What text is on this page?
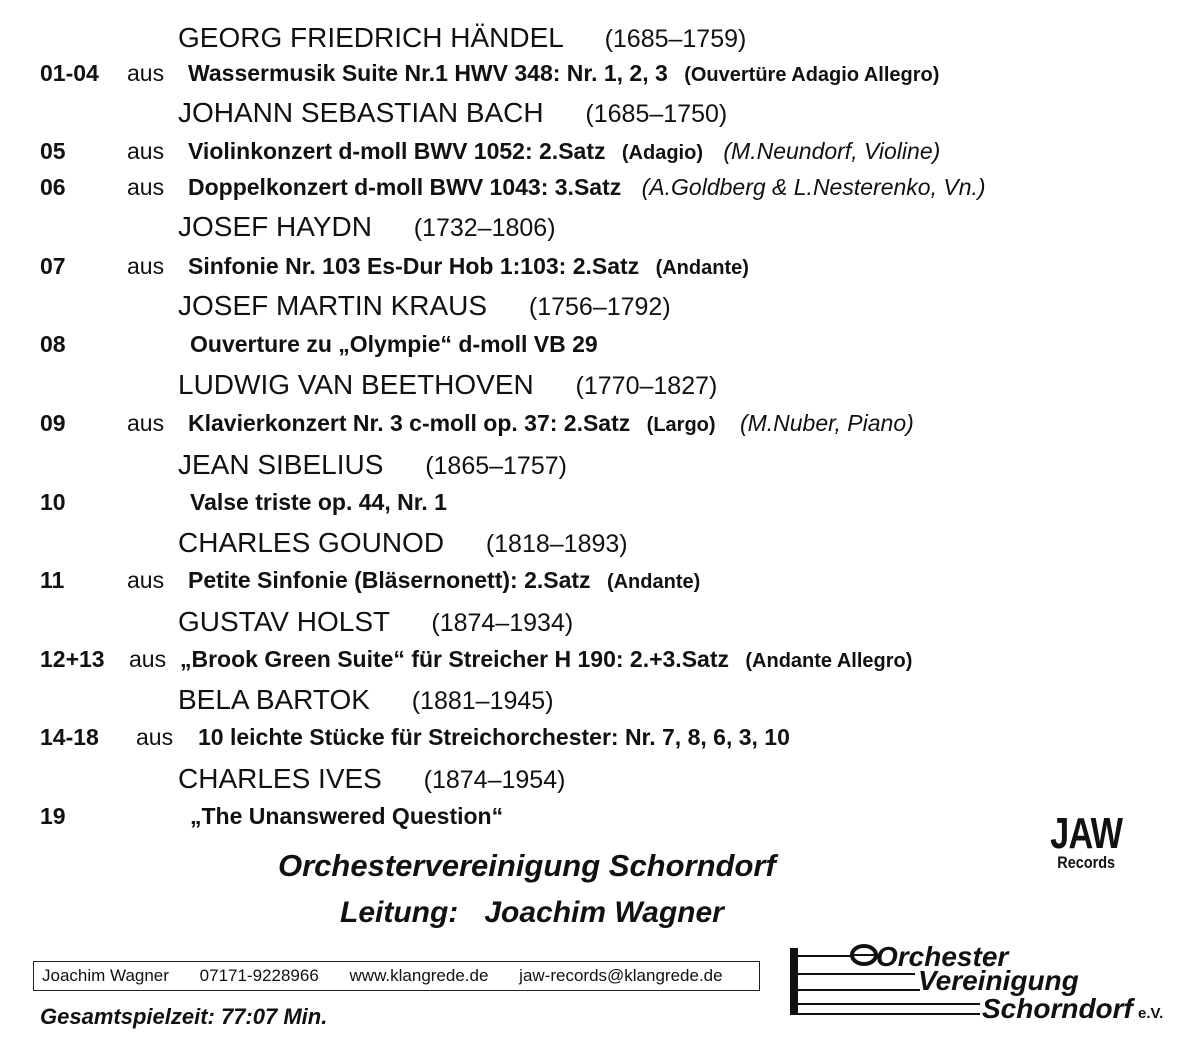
GEORG FRIEDRICH HÄNDEL (1685–1759)
01-04 aus Wassermusik Suite Nr.1 HWV 348: Nr. 1, 2, 3 (Ouvertüre Adagio Allegro)
JOHANN SEBASTIAN BACH (1685–1750)
05	aus Violinkonzert d-moll BWV 1052: 2.Satz (Adagio) (M.Neundorf, Violine)
06	aus Doppelkonzert d-moll BWV 1043: 3.Satz (A.Goldberg & L.Nesterenko, Vn.)
JOSEF HAYDN (1732–1806)
07	aus Sinfonie Nr. 103 Es-Dur Hob 1:103: 2.Satz (Andante)
JOSEF MARTIN KRAUS (1756–1792)
08	Ouverture zu „Olympie“ d-moll VB 29
LUDWIG VAN BEETHOVEN (1770–1827)
09	aus Klavierkonzert Nr. 3 c-moll op. 37: 2.Satz (Largo) (M.Nuber, Piano)
JEAN SIBELIUS (1865–1757)
10	Valse triste op. 44, Nr. 1
CHARLES GOUNOD (1818–1893)
11	aus Petite Sinfonie (Bläsernonett): 2.Satz (Andante)
GUSTAV HOLST (1874–1934)
12+13 aus „Brook Green Suite“ für Streicher H 190: 2.+3.Satz (Andante Allegro)
BELA BARTOK (1881–1945)
14-18 aus 10 leichte Stücke für Streichorchester: Nr. 7, 8, 6, 3, 10
CHARLES IVES (1874–1954)
19	„The Unanswered Question“	JAW
Records
Orchestervereinigung Schorndorf
Leitung: Joachim Wagner
Joachim Wagner 07171-9228966 www.klangrede.de jaw-records@klangrede.de
Gesamtspielzeit: 77:07 Min.
Orchester
Vereinigung
Schorndorf e.V.
